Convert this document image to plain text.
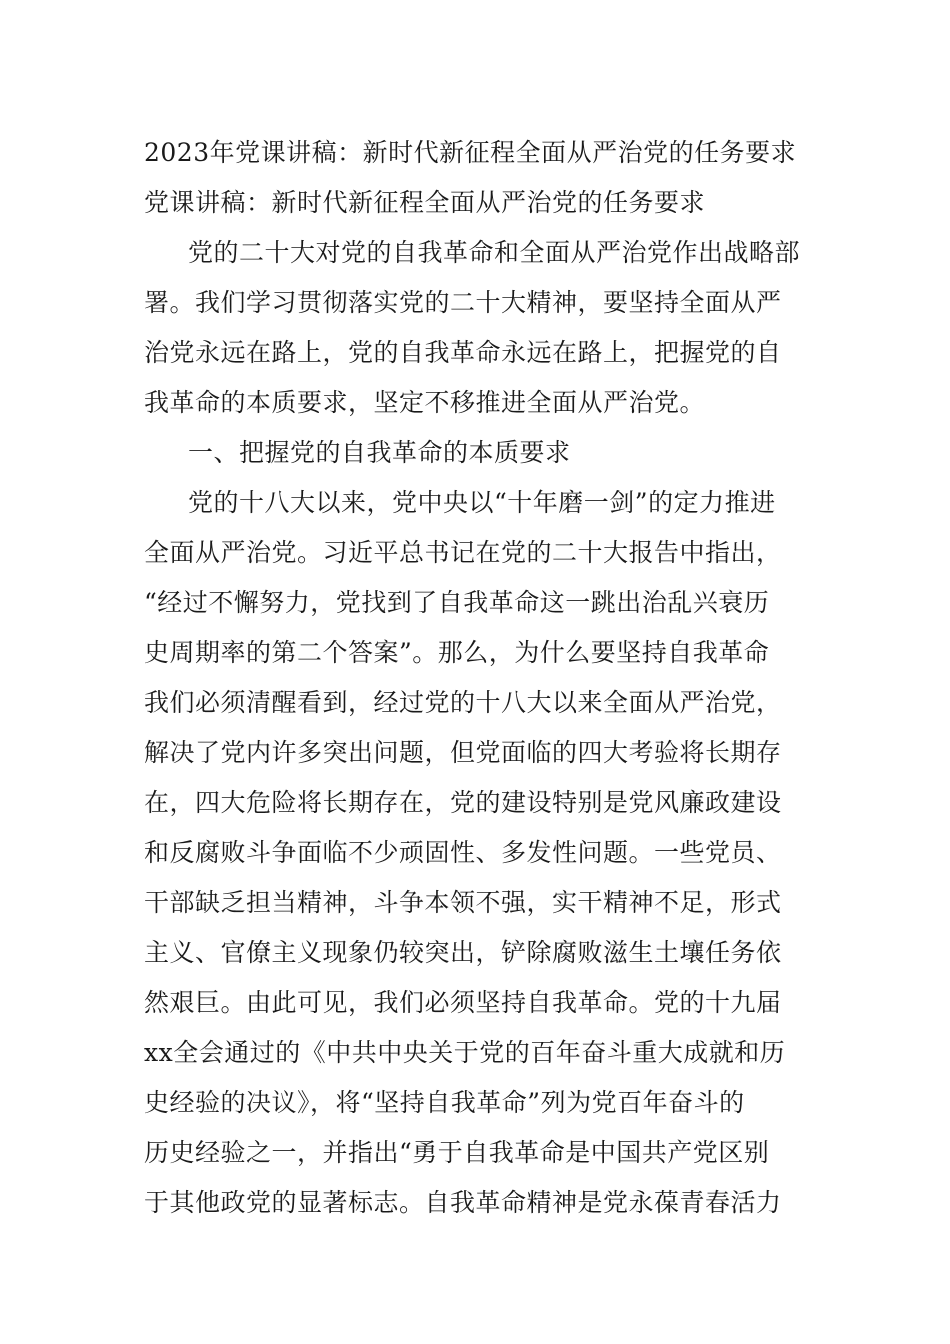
2023年党课讲稿：新时代新征程全面从严治党的任务要求
党课讲稿：新时代新征程全面从严治党的任务要求
党的二十大对党的自我革命和全面从严治党作出战略部
署。我们学习贯彻落实党的二十大精神，要坚持全面从严
治党永远在路上，党的自我革命永远在路上，把握党的自
我革命的本质要求，坚定不移推进全面从严治党。
一、把握党的自我革命的本质要求
党的十八大以来，党中央以“十年磨一剑”的定力推进
全面从严治党。习近平总书记在党的二十大报告中指出，
“经过不懈努力，党找到了自我革命这一跳出治乱兴衰历
史周期率的第二个答案”。那么，为什么要坚持自我革命
我们必须清醒看到，经过党的十八大以来全面从严治党，
解决了党内许多突出问题，但党面临的四大考验将长期存
在，四大危险将长期存在，党的建设特别是党风廉政建设
和反腐败斗争面临不少顽固性、多发性问题。一些党员、
干部缺乏担当精神，斗争本领不强，实干精神不足，形式
主义、官僚主义现象仍较突出，铲除腐败滋生土壤任务依
然艰巨。由此可见，我们必须坚持自我革命。党的十九届
xx全会通过的《中共中央关于党的百年奋斗重大成就和历
史经验的决议》，将“坚持自我革命”列为党百年奋斗的
历史经验之一，并指出“勇于自我革命是中国共产党区别
于其他政党的显著标志。自我革命精神是党永葆青春活力
